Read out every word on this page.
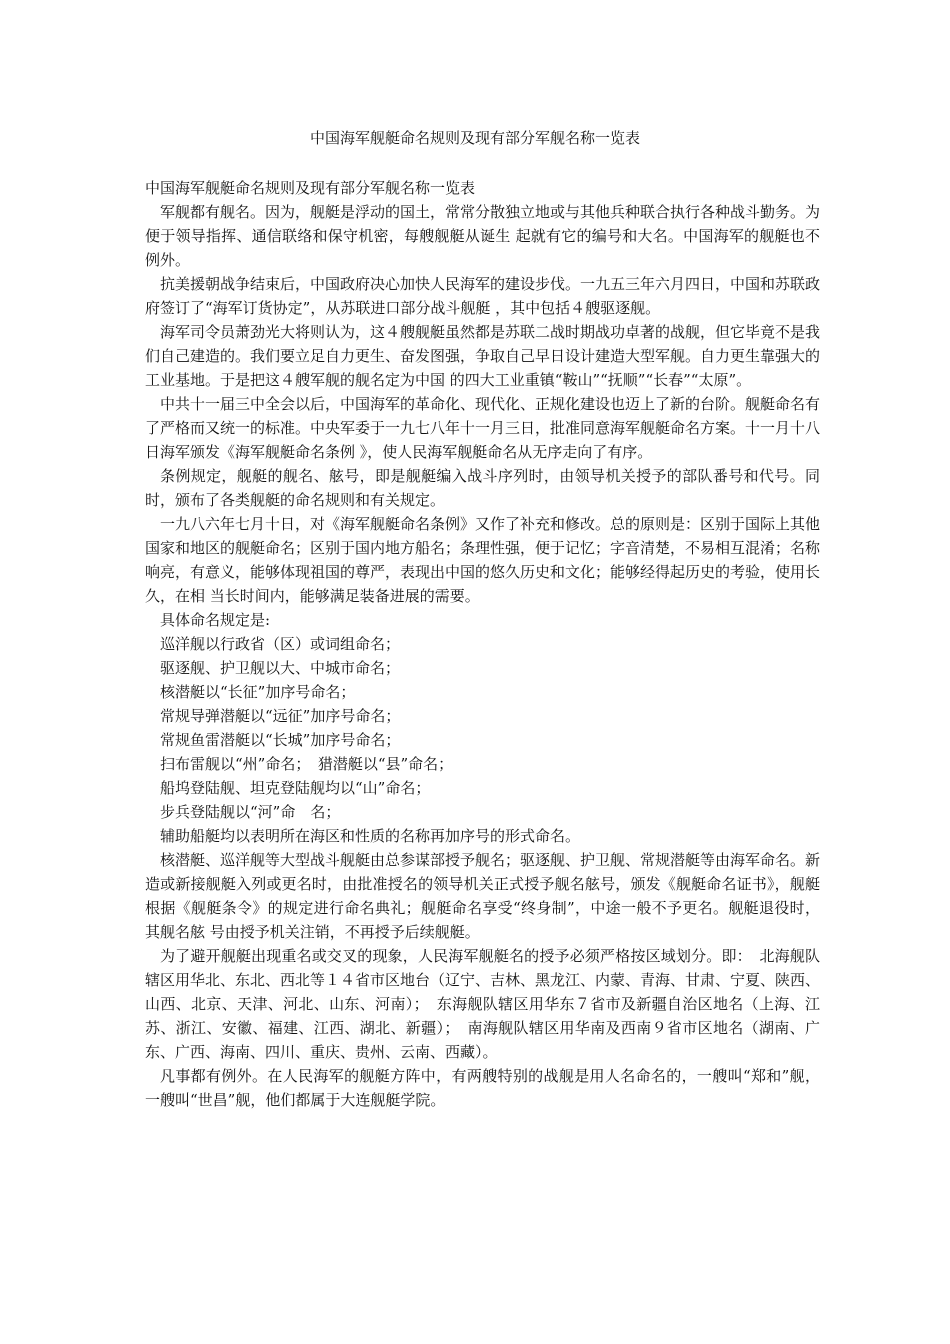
中国海军舰艇命名规则及现有部分军舰名称一览表

中国海军舰艇命名规则及现有部分军舰名称一览表

军舰都有舰名。因为，舰艇是浮动的国土，常常分散独立地或与其他兵种联合执行各种战斗勤务。为便于领导指挥、通信联络和保守机密，每艘舰艇从诞生 起就有它的编号和大名。中国海军的舰艇也不例外。

抗美援朝战争结束后，中国政府决心加快人民海军的建设步伐。一九五三年六月四日，中国和苏联政府签订了“海军订货协定”，从苏联进口部分战斗舰艇 ，其中包括４艘驱逐舰。

海军司令员萧劲光大将则认为，这４艘舰艇虽然都是苏联二战时期战功卓著的战舰，但它毕竟不是我们自己建造的。我们要立足自力更生、奋发图强，争取自己早日设计建造大型军舰。自力更生靠强大的工业基地。于是把这４艘军舰的舰名定为中国 的四大工业重镇“鞍山”“抚顺”“长春”“太原”。

中共十一届三中全会以后，中国海军的革命化、现代化、正规化建设也迈上了新的台阶。舰艇命名有了严格而又统一的标准。中央军委于一九七八年十一月三日，批准同意海军舰艇命名方案。十一月十八日海军颁发《海军舰艇命名条例 》，使人民海军舰艇命名从无序走向了有序。

条例规定，舰艇的舰名、舷号，即是舰艇编入战斗序列时，由领导机关授予的部队番号和代号。同时，颁布了各类舰艇的命名规则和有关规定。

一九八六年七月十日，对《海军舰艇命名条例》又作了补充和修改。总的原则是：区别于国际上其他国家和地区的舰艇命名；区别于国内地方船名；条理性强，便于记忆；字音清楚，不易相互混淆；名称响亮，有意义，能够体现祖国的尊严，表现出中国的悠久历史和文化；能够经得起历史的考验，使用长久，在相 当长时间内，能够满足装备进展的需要。

具体命名规定是:

巡洋舰以行政省（区）或词组命名；

驱逐舰、护卫舰以大、中城市命名；

核潜艇以“长征”加序号命名；

常规导弹潜艇以“远征”加序号命名；

常规鱼雷潜艇以“长城”加序号命名；

扫布雷舰以“州”命名；　猎潜艇以“县”命名；

船坞登陆舰、坦克登陆舰均以“山”命名；

步兵登陆舰以“河”命　名；

辅助船艇均以表明所在海区和性质的名称再加序号的形式命名。

核潜艇、巡洋舰等大型战斗舰艇由总参谋部授予舰名；驱逐舰、护卫舰、常规潜艇等由海军命名。新造或新接舰艇入列或更名时，由批准授名的领导机关正式授予舰名舷号，颁发《舰艇命名证书》，舰艇根据《舰艇条令》的规定进行命名典礼；舰艇命名享受“终身制”，中途一般不予更名。舰艇退役时，其舰名舷 号由授予机关注销，不再授予后续舰艇。

为了避开舰艇出现重名或交叉的现象，人民海军舰艇名的授予必须严格按区域划分。即：　北海舰队辖区用华北、东北、西北等１４省市区地台（辽宁、吉林、黑龙江、内蒙、青海、甘肃、宁夏、陕西、山西、北京、天津、河北、山东、河南）；　东海舰队辖区用华东７省市及新疆自治区地名（上海、江苏、浙江、安徽、福建、江西、湖北、新疆）；　南海舰队辖区用华南及西南９省市区地名（湖南、广东、广西、海南、四川、重庆、贵州、云南、西藏）。

凡事都有例外。在人民海军的舰艇方阵中，有两艘特别的战舰是用人名命名的，一艘叫“郑和”舰，一艘叫“世昌”舰，他们都属于大连舰艇学院。
